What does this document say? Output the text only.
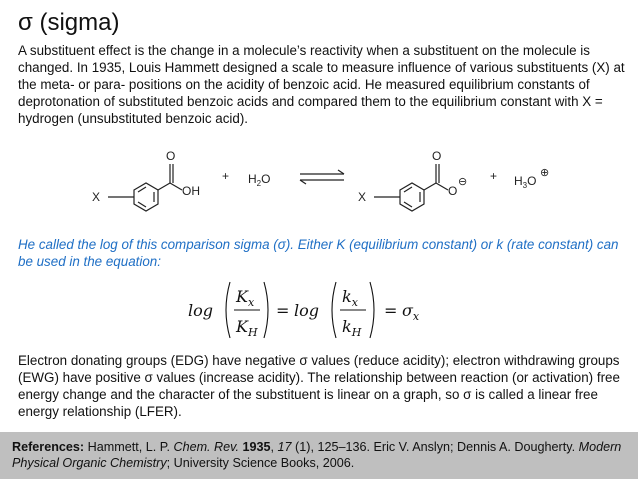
σ (sigma)
A substituent effect is the change in a molecule’s reactivity when a substituent on the molecule is changed. In 1935, Louis Hammett designed a scale to measure influence of various substituents (X) at the meta- or para- positions on the acidity of benzoic acid. He measured equilibrium constants of deprotonation of substituted benzoic acids and compared them to the equilibrium constant with X = hydrogen (unsubstituted benzoic acid).
X
O
OH
+ $H_2O$
X
O
O
⊖ + $H_3O$
⊕
He called the log of this comparison sigma (σ). Either K (equilibrium constant) or k (rate constant) can be used in the equation:
log
$K_x$
$K_H$
= log
$k_x$
$k_H$
= $\sigma_x$
Electron donating groups (EDG) have negative σ values (reduce acidity); electron withdrawing groups (EWG) have positive σ values (increase acidity). The relationship between reaction (or activation) free energy change and the character of the substituent is linear on a graph, so σ is called a linear free energy relationship (LFER).
References: Hammett, L. P. Chem. Rev. 1935, 17 (1), 125–136. Eric V. Anslyn; Dennis A. Dougherty. Modern Physical Organic Chemistry; University Science Books, 2006.
